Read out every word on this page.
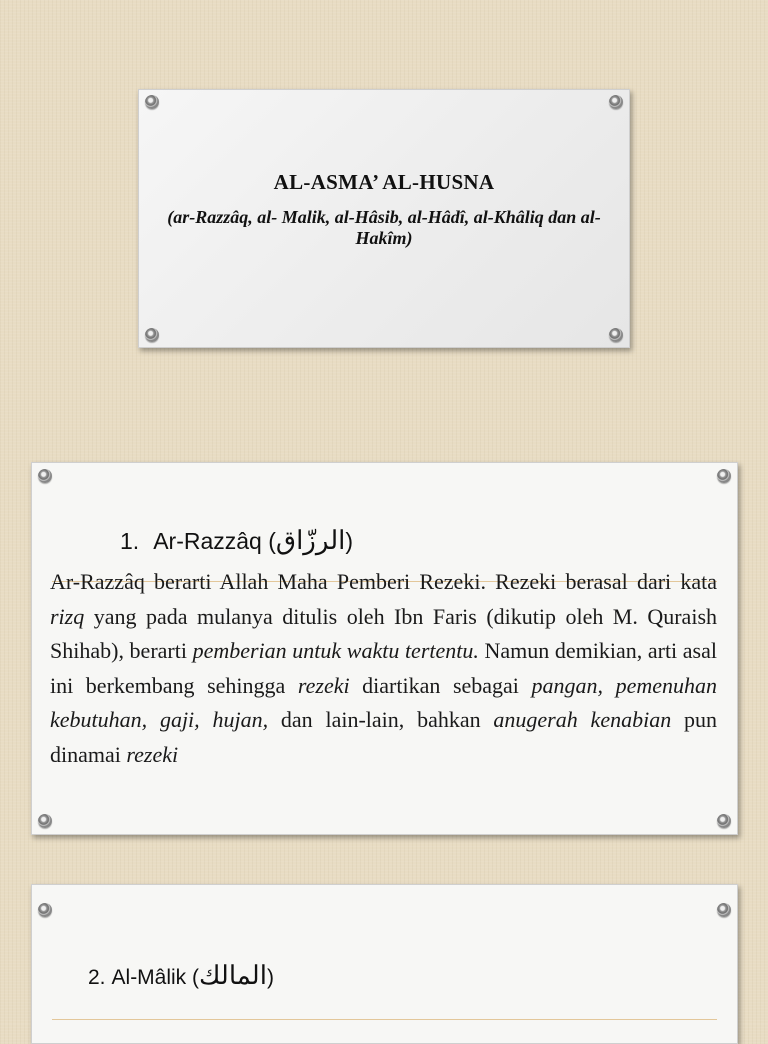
AL-ASMA’ AL-HUSNA
(ar-Razzâq, al- Malik, al-Hâsib, al-Hâdî, al-Khâliq dan al-Hakîm)
1. Ar-Razzâq (الرزّاق)
Ar-Razzâq berarti Allah Maha Pemberi Rezeki. Rezeki berasal dari kata rizq yang pada mulanya ditulis oleh Ibn Faris (dikutip oleh M. Quraish Shihab), berarti pemberian untuk waktu tertentu. Namun demikian, arti asal ini berkembang sehingga rezeki diartikan sebagai pangan, pemenuhan kebutuhan, gaji, hujan, dan lain-lain, bahkan anugerah kenabian pun dinamai rezeki
2. Al-Mâlik (المالك)
